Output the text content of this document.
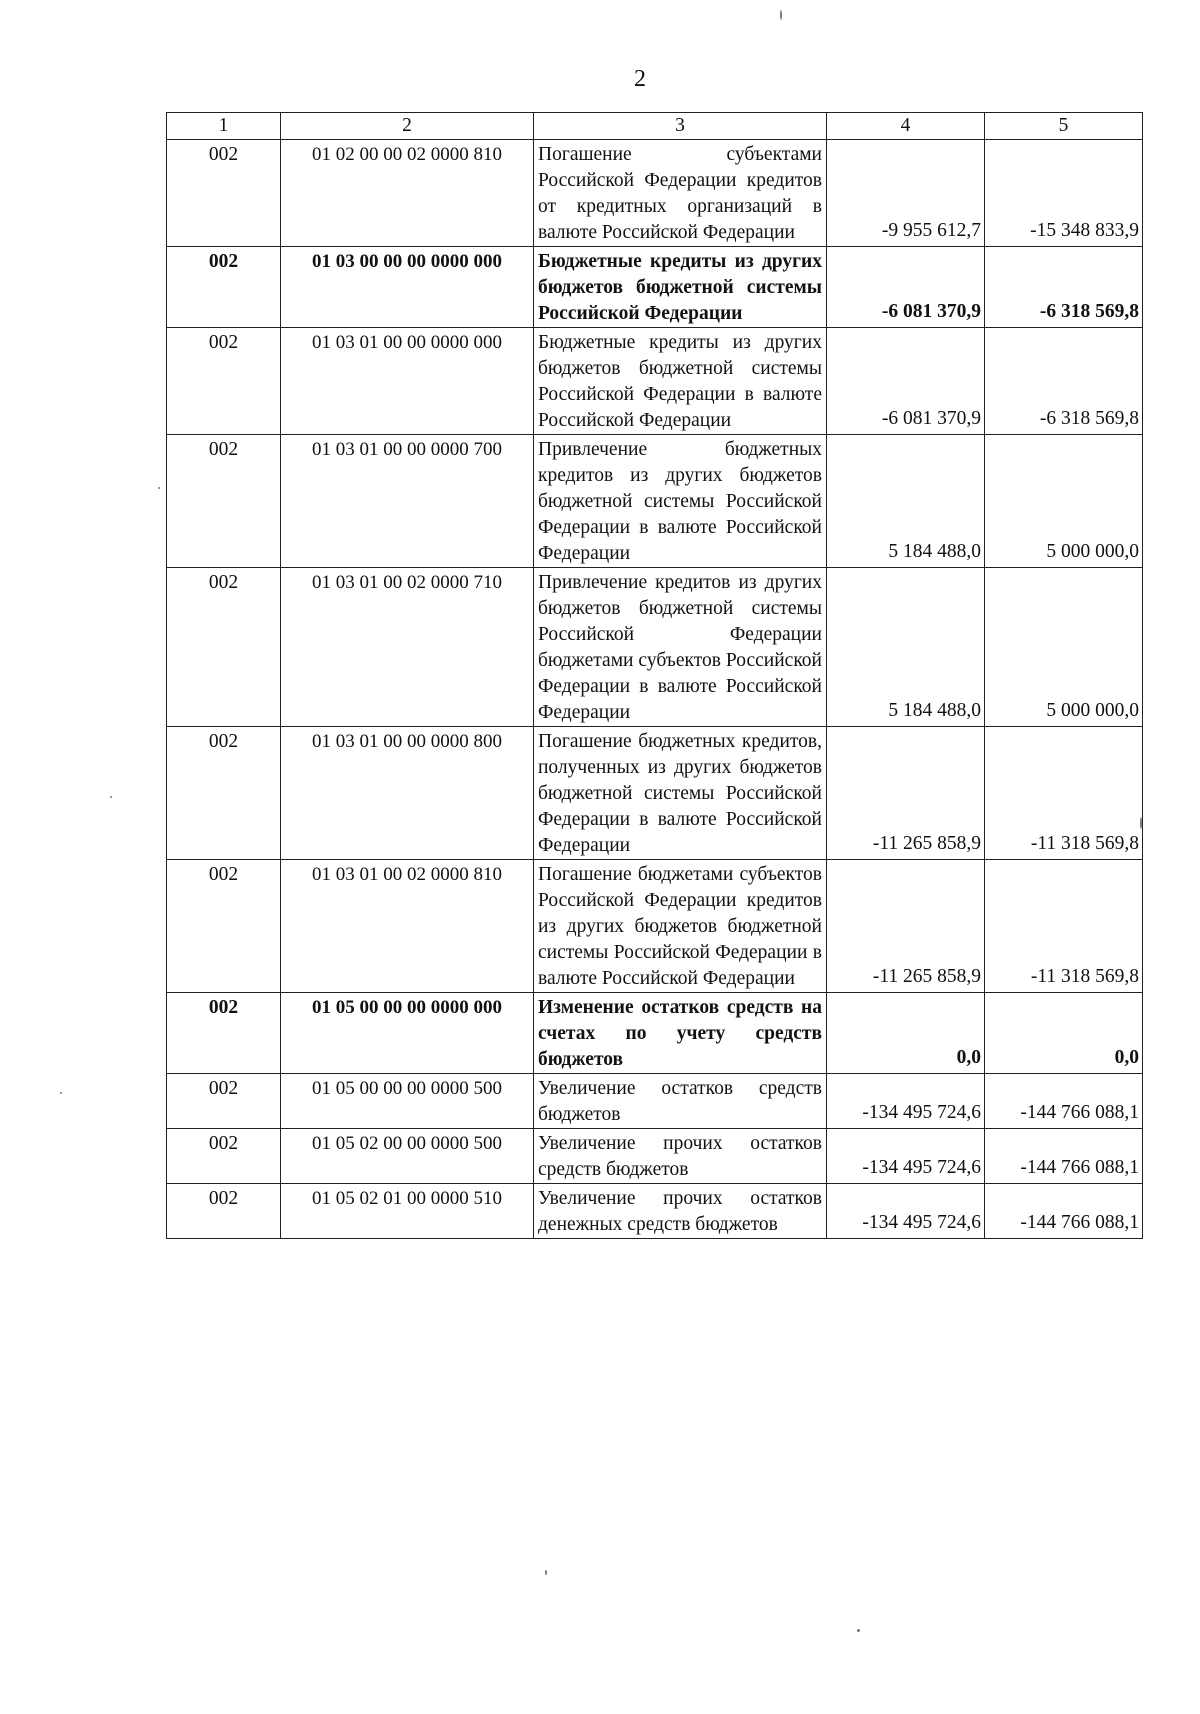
2
1	2	3	4	5
002	01 02 00 00 02 0000 810	Погашение субъектами Российской Федерации кредитов от кредитных организаций в валюте Российской Федерации	-9 955 612,7	-15 348 833,9
002	01 03 00 00 00 0000 000	Бюджетные кредиты из других бюджетов бюджетной системы Российской Федерации	-6 081 370,9	-6 318 569,8
002	01 03 01 00 00 0000 000	Бюджетные кредиты из других бюджетов бюджетной системы Российской Федерации в валюте Российской Федерации	-6 081 370,9	-6 318 569,8
002	01 03 01 00 00 0000 700	Привлечение бюджетных кредитов из других бюджетов бюджетной системы Российской Федерации в валюте Российской Федерации	5 184 488,0	5 000 000,0
002	01 03 01 00 02 0000 710	Привлечение кредитов из других бюджетов бюджетной системы Российской Федерации бюджетами субъектов Российской Федерации в валюте Российской Федерации	5 184 488,0	5 000 000,0
002	01 03 01 00 00 0000 800	Погашение бюджетных кредитов, полученных из других бюджетов бюджетной системы Российской Федерации в валюте Российской Федерации	-11 265 858,9	-11 318 569,8
002	01 03 01 00 02 0000 810	Погашение бюджетами субъектов Российской Федерации кредитов из других бюджетов бюджетной системы Российской Федерации в валюте Российской Федерации	-11 265 858,9	-11 318 569,8
002	01 05 00 00 00 0000 000	Изменение остатков средств на счетах по учету средств бюджетов	0,0	0,0
002	01 05 00 00 00 0000 500	Увеличение остатков средств бюджетов	-134 495 724,6	-144 766 088,1
002	01 05 02 00 00 0000 500	Увеличение прочих остатков средств бюджетов	-134 495 724,6	-144 766 088,1
002	01 05 02 01 00 0000 510	Увеличение прочих остатков денежных средств бюджетов	-134 495 724,6	-144 766 088,1
